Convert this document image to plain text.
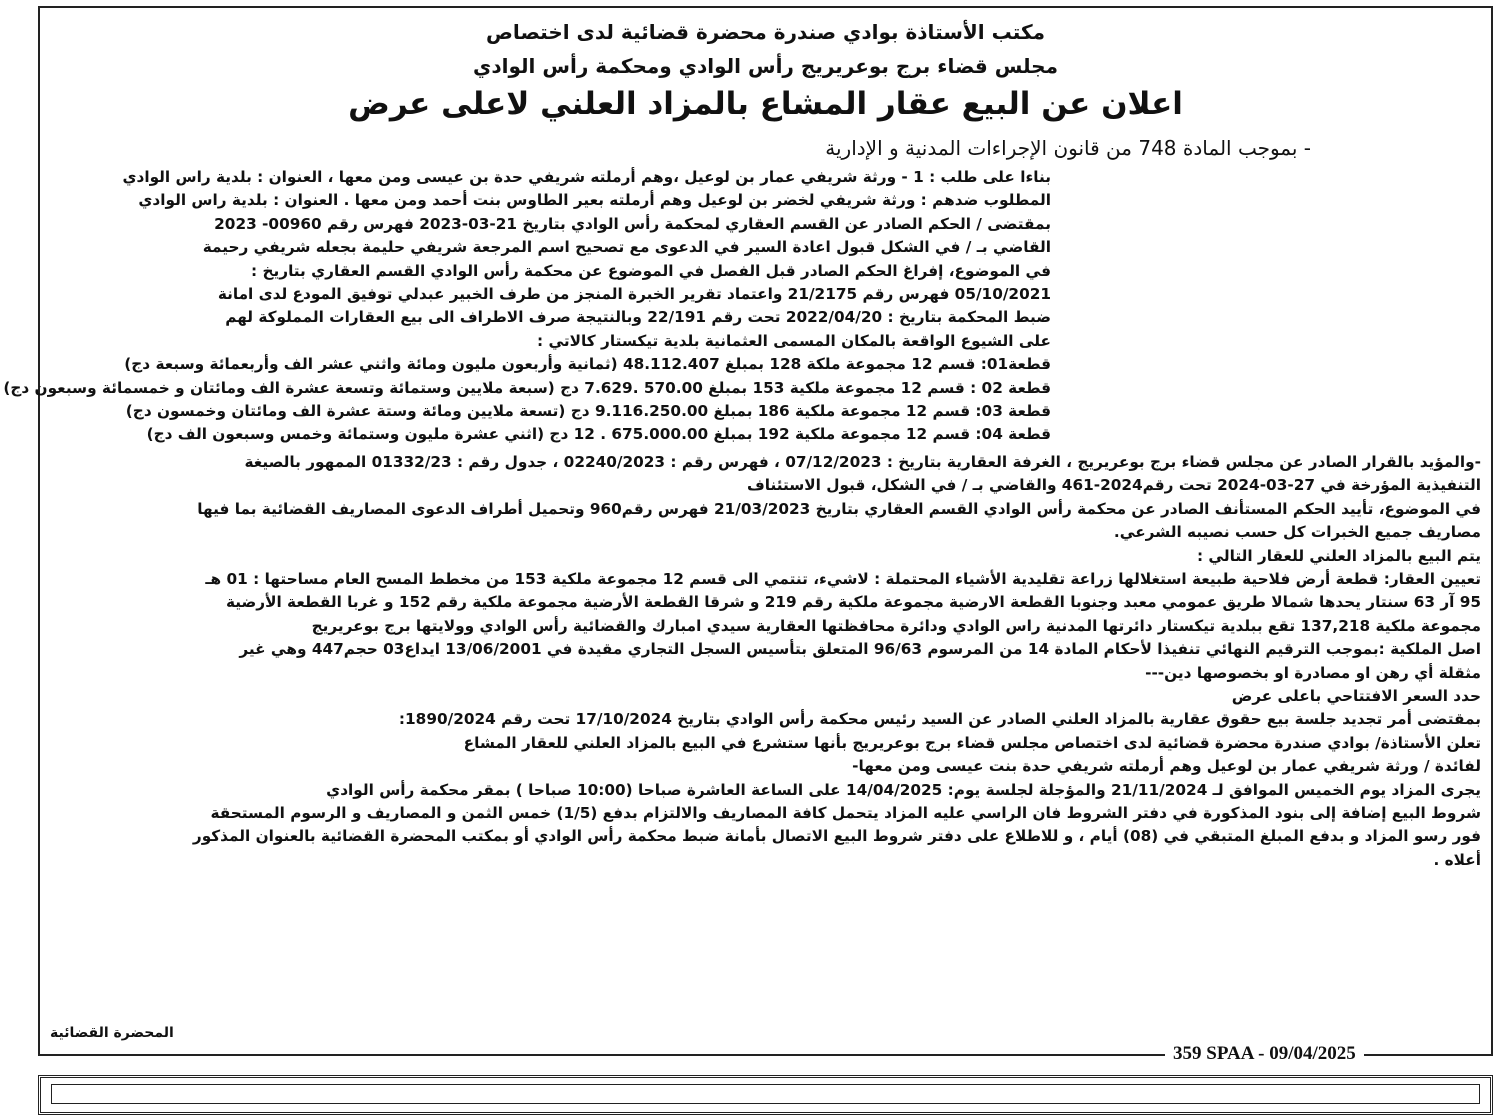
مكتب الأستاذة بوادي صندرة محضرة قضائية لدى اختصاص
مجلس قضاء برج بوعريريج رأس الوادي ومحكمة رأس الوادي
اعلان عن البيع عقار المشاع بالمزاد العلني لاعلى عرض
- بموجب المادة 748 من قانون الإجراءات المدنية و الإدارية
بناءا على طلب : 1 - ورثة شريفي عمار بن لوعيل ،وهم أرملته شريفي حدة بن عيسى ومن معها ، العنوان : بلدية راس الوادي
المطلوب ضدهم : ورثة شريفي لخضر بن لوعيل وهم أرملته بعير الطاوس بنت أحمد ومن معها . العنوان : بلدية راس الوادي
بمقتضى / الحكم الصادر عن القسم العقاري لمحكمة رأس الوادي بتاريخ 21-03-2023 فهرس رقم 00960- 2023
القاضي بـ / في الشكل قبول اعادة السير في الدعوى مع تصحيح اسم المرجعة شريفي حليمة بجعله شريفي رحيمة
في الموضوع، إفراغ الحكم الصادر قبل الفصل في الموضوع عن محكمة رأس الوادي القسم العقاري بتاريخ :
05/10/2021 فهرس رقم 21/2175 واعتماد تقرير الخبرة المنجز من طرف الخبير عبدلي توفيق المودع لدى امانة
ضبط المحكمة بتاريخ : 2022/04/20 تحت رقم 22/191 وبالنتيجة صرف الاطراف الى بيع العقارات المملوكة لهم
على الشيوع الواقعة بالمكان المسمى العثمانية بلدية تيكستار كالاتي :
قطعة01: قسم 12 مجموعة ملكة 128 بمبلغ 48.112.407 (ثمانية وأربعون مليون ومائة واثني عشر الف وأربعمائة وسبعة دج)
قطعة 02 : قسم 12 مجموعة ملكية 153 بمبلغ 570.00 .7.629 دج (سبعة ملايين وستمائة وتسعة عشرة الف ومائتان و خمسمائة وسبعون دج)
قطعة 03: قسم 12 مجموعة ملكية 186 بمبلغ 9.116.250.00 دج (تسعة ملايين ومائة وستة عشرة الف ومائتان وخمسون دج)
قطعة 04: قسم 12 مجموعة ملكية 192 بمبلغ 675.000.00 . 12 دج (اثني عشرة مليون وستمائة وخمس وسبعون الف دج)
-والمؤيد بالقرار الصادر عن مجلس قضاء برج بوعريريج ، الغرفة العقارية بتاريخ : 07/12/2023 ، فهرس رقم : 02240/2023 ، جدول رقم : 01332/23 الممهور بالصيغة
التنفيذية المؤرخة في 27-03-2024 تحت رقم2024-461 والقاضي بـ / في الشكل، قبول الاستئناف
في الموضوع، تأييد الحكم المستأنف الصادر عن محكمة رأس الوادي القسم العقاري بتاريخ 21/03/2023 فهرس رقم960 وتحميل أطراف الدعوى المصاريف القضائية بما فيها
مصاريف جميع الخبرات كل حسب نصيبه الشرعي.
يتم البيع بالمزاد العلني للعقار التالي :
تعيين العقار: قطعة أرض فلاحية طبيعة استغلالها زراعة تقليدية الأشياء المحتملة : لاشيء، تنتمي الى قسم 12 مجموعة ملكية 153 من مخطط المسح العام مساحتها : 01 هـ
95 آر 63 سنتار يحدها شمالا طريق عمومي معبد وجنوبا القطعة الارضية مجموعة ملكية رقم 219 و شرقا القطعة الأرضية مجموعة ملكية رقم 152 و غربا القطعة الأرضية
مجموعة ملكية 137,218 تقع ببلدية تيكستار دائرتها المدنية راس الوادي ودائرة محافظتها العقارية سيدي امبارك والقضائية رأس الوادي وولايتها برج بوعريريج
اصل الملكية :بموجب الترقيم النهائي تنفيذا لأحكام المادة 14 من المرسوم 96/63 المتعلق بتأسيس السجل التجاري مقيدة في 13/06/2001 ايداع03 حجم447 وهي غير
مثقلة أي رهن او مصادرة او بخصوصها دين---
حدد السعر الافتتاحي باعلى عرض
بمقتضى أمر تجديد جلسة بيع حقوق عقارية بالمزاد العلني الصادر عن السيد رئيس محكمة رأس الوادي بتاريخ 17/10/2024 تحت رقم 1890/2024:
تعلن الأستاذة/ بوادي صندرة محضرة قضائية لدى اختصاص مجلس قضاء برج بوعريريج بأنها ستشرع في البيع بالمزاد العلني للعقار المشاع
لفائدة / ورثة شريفي عمار بن لوعيل وهم أرملته شريفي حدة بنت عيسى ومن معها-
يجرى المزاد يوم الخميس الموافق لـ 21/11/2024 والمؤجلة لجلسة يوم: 14/04/2025 على الساعة العاشرة صباحا (10:00 صباحا ) بمقر محكمة رأس الوادي
شروط البيع إضافة إلى بنود المذكورة في دفتر الشروط فان الراسي عليه المزاد يتحمل كافة المصاريف والالتزام بدفع (1/5) خمس الثمن و المصاريف و الرسوم المستحقة
فور رسو المزاد و بدفع المبلغ المتبقي في (08) أيام ، و للاطلاع على دفتر شروط البيع الاتصال بأمانة ضبط محكمة رأس الوادي أو بمكتب المحضرة القضائية بالعنوان المذكور
أعلاه .
المحضرة القضائية
359 SPAA - 09/04/2025
